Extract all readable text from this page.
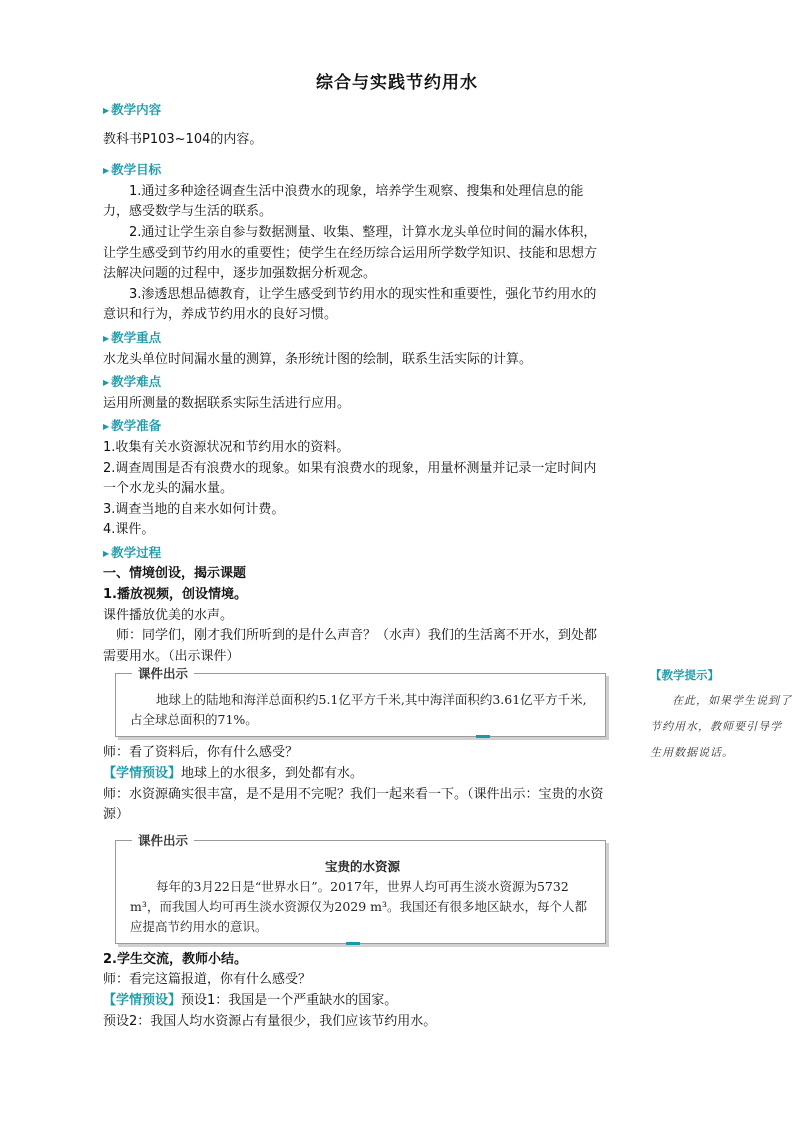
综合与实践节约用水
▶ 教学内容

教科书P103~104的内容。

▶ 教学目标

1.通过多种途径调查生活中浪费水的现象，培养学生观察、搜集和处理信息的能力，感受数学与生活的联系。

2.通过让学生亲自参与数据测量、收集、整理，计算水龙头单位时间的漏水体积，让学生感受到节约用水的重要性；使学生在经历综合运用所学数学知识、技能和思想方法解决问题的过程中，逐步加强数据分析观念。

3.渗透思想品德教育，让学生感受到节约用水的现实性和重要性，强化节约用水的意识和行为，养成节约用水的良好习惯。

▶ 教学重点

水龙头单位时间漏水量的测算，条形统计图的绘制，联系生活实际的计算。

▶ 教学难点

运用所测量的数据联系实际生活进行应用。

▶ 教学准备

1.收集有关水资源状况和节约用水的资料。

2.调查周围是否有浪费水的现象。如果有浪费水的现象，用量杯测量并记录一定时间内一个水龙头的漏水量。

3.调查当地的自来水如何计费。

4.课件。

▶ 教学过程

一、情境创设，揭示课题

1.播放视频，创设情境。

课件播放优美的水声。

师：同学们，刚才我们所听到的是什么声音？（水声）我们的生活离不开水，到处都需要用水。（出示课件）

课件出示

地球上的陆地和海洋总面积约5.1亿平方千米,其中海洋面积约3.61亿平方千米,占全球总面积的71%。

师：看了资料后，你有什么感受？

【学情预设】地球上的水很多，到处都有水。

师：水资源确实很丰富，是不是用不完呢？我们一起来看一下。（课件出示：宝贵的水资源）

课件出示

宝贵的水资源

每年的3月22日是“世界水日”。2017年，世界人均可再生淡水资源为5732 m³，而我国人均可再生淡水资源仅为2029 m³。我国还有很多地区缺水，每个人都应提高节约用水的意识。

2.学生交流，教师小结。

师：看完这篇报道，你有什么感受？

【学情预设】预设1：我国是一个严重缺水的国家。

预设2：我国人均水资源占有量很少，我们应该节约用水。

【教学提示】
在此，如果学生说到了节约用水，教师要引导学生用数据说话。
